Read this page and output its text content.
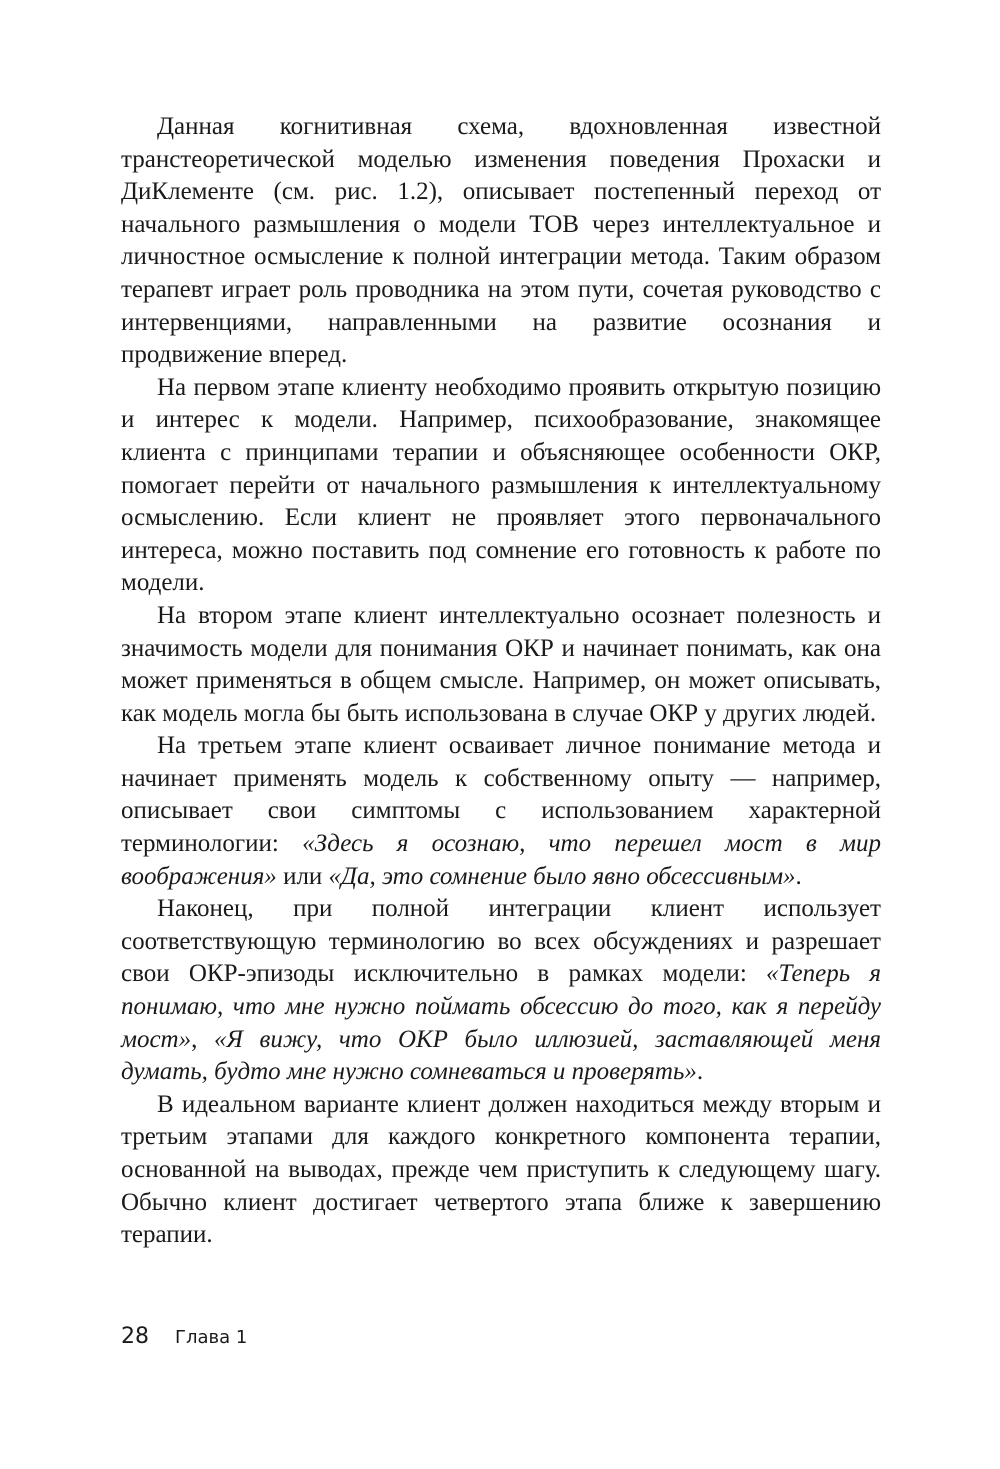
Данная когнитивная схема, вдохновленная известной транстеоретической моделью изменения поведения Прохаски и ДиКлементе (см. рис. 1.2), описывает постепенный переход от начального размышления о модели ТОВ через интеллектуальное и личностное осмысление к полной интеграции метода. Таким образом терапевт играет роль проводника на этом пути, сочетая руководство с интервенциями, направленными на развитие осознания и продвижение вперед.

На первом этапе клиенту необходимо проявить открытую позицию и интерес к модели. Например, психообразование, знакомящее клиента с принципами терапии и объясняющее особенности ОКР, помогает перейти от начального размышления к интеллектуальному осмыслению. Если клиент не проявляет этого первоначального интереса, можно поставить под сомнение его готовность к работе по модели.

На втором этапе клиент интеллектуально осознает полезность и значимость модели для понимания ОКР и начинает понимать, как она может применяться в общем смысле. Например, он может описывать, как модель могла бы быть использована в случае ОКР у других людей.

На третьем этапе клиент осваивает личное понимание метода и начинает применять модель к собственному опыту — например, описывает свои симптомы с использованием характерной терминологии: «Здесь я осознаю, что перешел мост в мир воображения» или «Да, это сомнение было явно обсессивным».

Наконец, при полной интеграции клиент использует соответствующую терминологию во всех обсуждениях и разрешает свои ОКР-эпизоды исключительно в рамках модели: «Теперь я понимаю, что мне нужно поймать обсессию до того, как я перейду мост», «Я вижу, что ОКР было иллюзией, заставляющей меня думать, будто мне нужно сомневаться и проверять».

В идеальном варианте клиент должен находиться между вторым и третьим этапами для каждого конкретного компонента терапии, основанной на выводах, прежде чем приступить к следующему шагу. Обычно клиент достигает четвертого этапа ближе к завершению терапии.

28 Глава 1
